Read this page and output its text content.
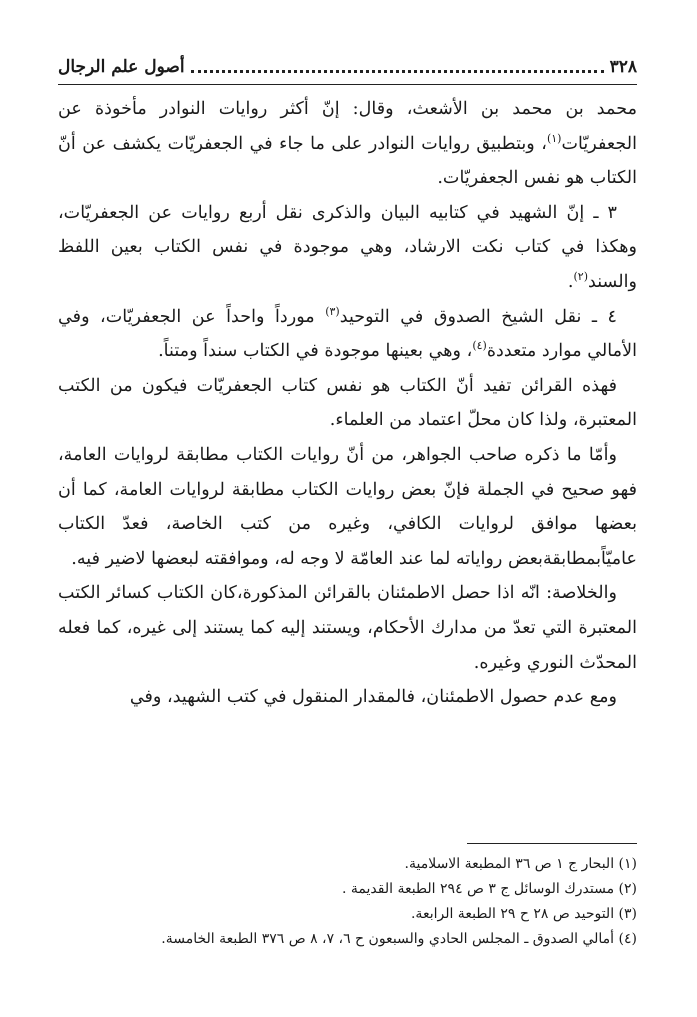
٣٢٨
أصول علم الرجال

محمد بن محمد بن الأشعث، وقال: إنّ أكثر روايات النوادر مأخوذة عن الجعفريّات$^{(١)}$، وبتطبيق روايات النوادر على ما جاء في الجعفريّات يكشف عن أنّ الكتاب هو نفس الجعفريّات.

٣ ـ إنّ الشهيد في كتابيه البيان والذكرى نقل أربع روايات عن الجعفريّات، وهكذا في كتاب نكت الارشاد، وهي موجودة في نفس الكتاب بعين اللفظ والسند$^{(٢)}$.

٤ ـ نقل الشيخ الصدوق في التوحيد$^{(٣)}$ مورداً واحداً عن الجعفريّات، وفي الأمالي موارد متعددة$^{(٤)}$، وهي بعينها موجودة في الكتاب سنداً ومتناً.

فهذه القرائن تفيد أنّ الكتاب هو نفس كتاب الجعفريّات فيكون من الكتب المعتبرة، ولذا كان محلّ اعتماد من العلماء.

وأمّا ما ذكره صاحب الجواهر، من أنّ روايات الكتاب مطابقة لروايات العامة، فهو صحيح في الجملة فإنّ بعض روايات الكتاب مطابقة لروايات العامة، كما أن بعضها موافق لروايات الكافي، وغيره من كتب الخاصة، فعدّ الكتاب عاميّاًبمطابقةبعض رواياته لما عند العامّة لا وجه له، وموافقته لبعضها لاضير فيه.

والخلاصة: انّه اذا حصل الاطمئنان بالقرائن المذكورة،كان الكتاب كسائر الكتب المعتبرة التي تعدّ من مدارك الأحكام، ويستند إليه كما يستند إلى غيره، كما فعله المحدّث النوري وغيره.

ومع عدم حصول الاطمئنان، فالمقدار المنقول في كتب الشهيد، وفي

(١) البحار ج ١ ص ٣٦ المطبعة الاسلامية.

(٢) مستدرك الوسائل ج ٣ ص ٢٩٤ الطبعة القديمة .

(٣) التوحيد ص ٢٨ ح ٢٩ الطبعة الرابعة.

(٤) أمالي الصدوق ـ المجلس الحادي والسبعون ح ٦، ٧، ٨ ص ٣٧٦ الطبعة الخامسة.
